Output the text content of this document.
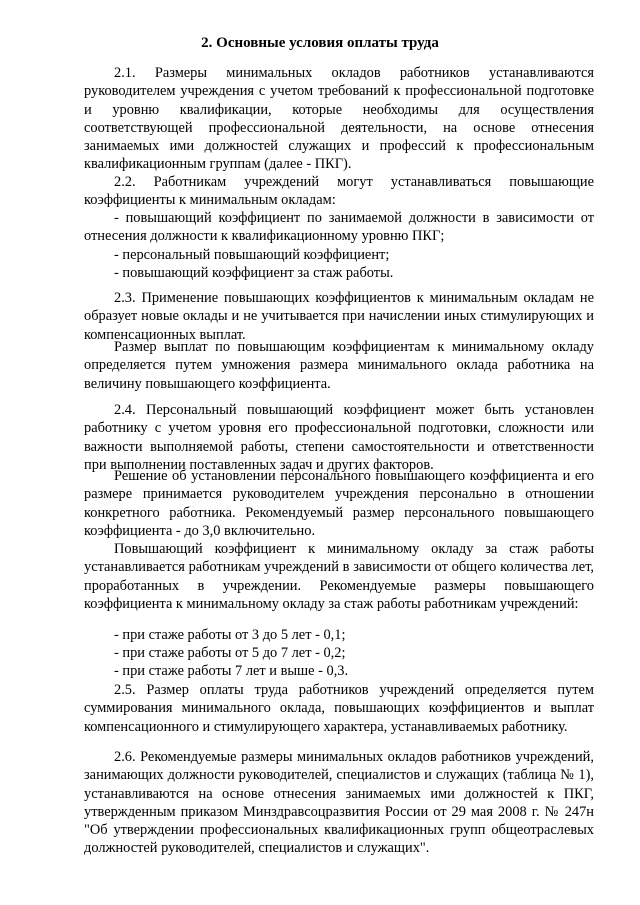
2. Основные условия оплаты труда

2.1. Размеры минимальных окладов работников устанавливаются руководителем учреждения с учетом требований к профессиональной подготовке и уровню квалификации, которые необходимы для осуществления соответствующей профессиональной деятельности, на основе отнесения занимаемых ими должностей служащих и профессий к профессиональным квалификационным группам (далее - ПКГ).

2.2. Работникам учреждений могут устанавливаться повышающие коэффициенты к минимальным окладам:

- повышающий коэффициент по занимаемой должности в зависимости от отнесения должности к квалификационному уровню ПКГ;

- персональный повышающий коэффициент;

- повышающий коэффициент за стаж работы.

2.3. Применение повышающих коэффициентов к минимальным окладам не образует новые оклады и не учитывается при начислении иных стимулирующих и компенсационных выплат.

Размер выплат по повышающим коэффициентам к минимальному окладу определяется путем умножения размера минимального оклада работника на величину повышающего коэффициента.

2.4. Персональный повышающий коэффициент может быть установлен работнику с учетом уровня его профессиональной подготовки, сложности или важности выполняемой работы, степени самостоятельности и ответственности при выполнении поставленных задач и других факторов.

Решение об установлении персонального повышающего коэффициента и его размере принимается руководителем учреждения персонально в отношении конкретного работника. Рекомендуемый размер персонального повышающего коэффициента - до 3,0 включительно.

Повышающий коэффициент к минимальному окладу за стаж работы устанавливается работникам учреждений в зависимости от общего количества лет, проработанных в учреждении. Рекомендуемые размеры повышающего коэффициента к минимальному окладу за стаж работы работникам учреждений:

- при стаже работы от 3 до 5 лет - 0,1;

- при стаже работы от 5 до 7 лет - 0,2;

- при стаже работы 7 лет и выше - 0,3.

2.5. Размер оплаты труда работников учреждений определяется путем суммирования минимального оклада, повышающих коэффициентов и выплат компенсационного и стимулирующего характера, устанавливаемых работнику.

2.6. Рекомендуемые размеры минимальных окладов работников учреждений, занимающих должности руководителей, специалистов и служащих (таблица № 1), устанавливаются на основе отнесения занимаемых ими должностей к ПКГ, утвержденным приказом Минздравсоцразвития России от 29 мая 2008 г. № 247н "Об утверждении профессиональных квалификационных групп общеотраслевых должностей руководителей, специалистов и служащих".
